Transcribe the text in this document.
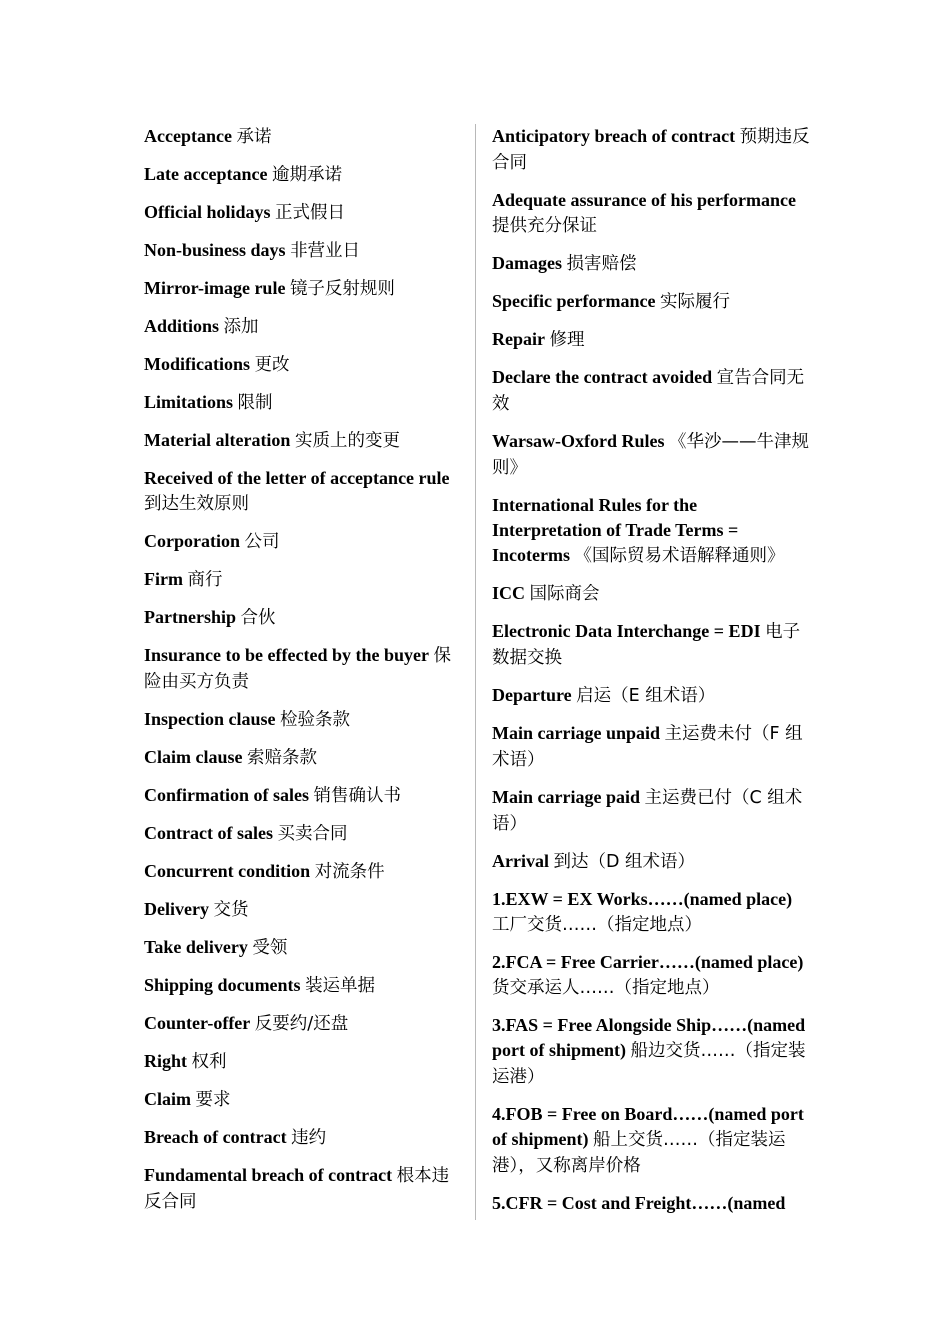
Acceptance 承诺
Late acceptance 逾期承诺
Official holidays 正式假日
Non-business days 非营业日
Mirror-image rule 镜子反射规则
Additions 添加
Modifications 更改
Limitations 限制
Material alteration 实质上的变更
Received of the letter of acceptance rule 到达生效原则
Corporation 公司
Firm 商行
Partnership 合伙
Insurance to be effected by the buyer 保险由买方负责
Inspection clause 检验条款
Claim clause 索赔条款
Confirmation of sales 销售确认书
Contract of sales 买卖合同
Concurrent condition 对流条件
Delivery 交货
Take delivery 受领
Shipping documents 装运单据
Counter-offer 反要约/还盘
Right 权利
Claim 要求
Breach of contract 违约
Fundamental breach of contract 根本违反合同
Anticipatory breach of contract 预期违反合同
Adequate assurance of his performance 提供充分保证
Damages 损害赔偿
Specific performance 实际履行
Repair 修理
Declare the contract avoided 宣告合同无效
Warsaw-Oxford Rules 《华沙——牛津规则》
International Rules for the Interpretation of Trade Terms = Incoterms 《国际贸易术语解释通则》
ICC 国际商会
Electronic Data Interchange = EDI 电子数据交换
Departure 启运（E 组术语）
Main carriage unpaid 主运费未付（F 组术语）
Main carriage paid 主运费已付（C 组术语）
Arrival 到达（D 组术语）
1.EXW = EX Works……(named place) 工厂交货……（指定地点）
2.FCA = Free Carrier……(named place) 货交承运人……（指定地点）
3.FAS = Free Alongside Ship……(named port of shipment) 船边交货……（指定装运港）
4.FOB = Free on Board……(named port of shipment) 船上交货……（指定装运港），又称离岸价格
5.CFR = Cost and Freight……(named
